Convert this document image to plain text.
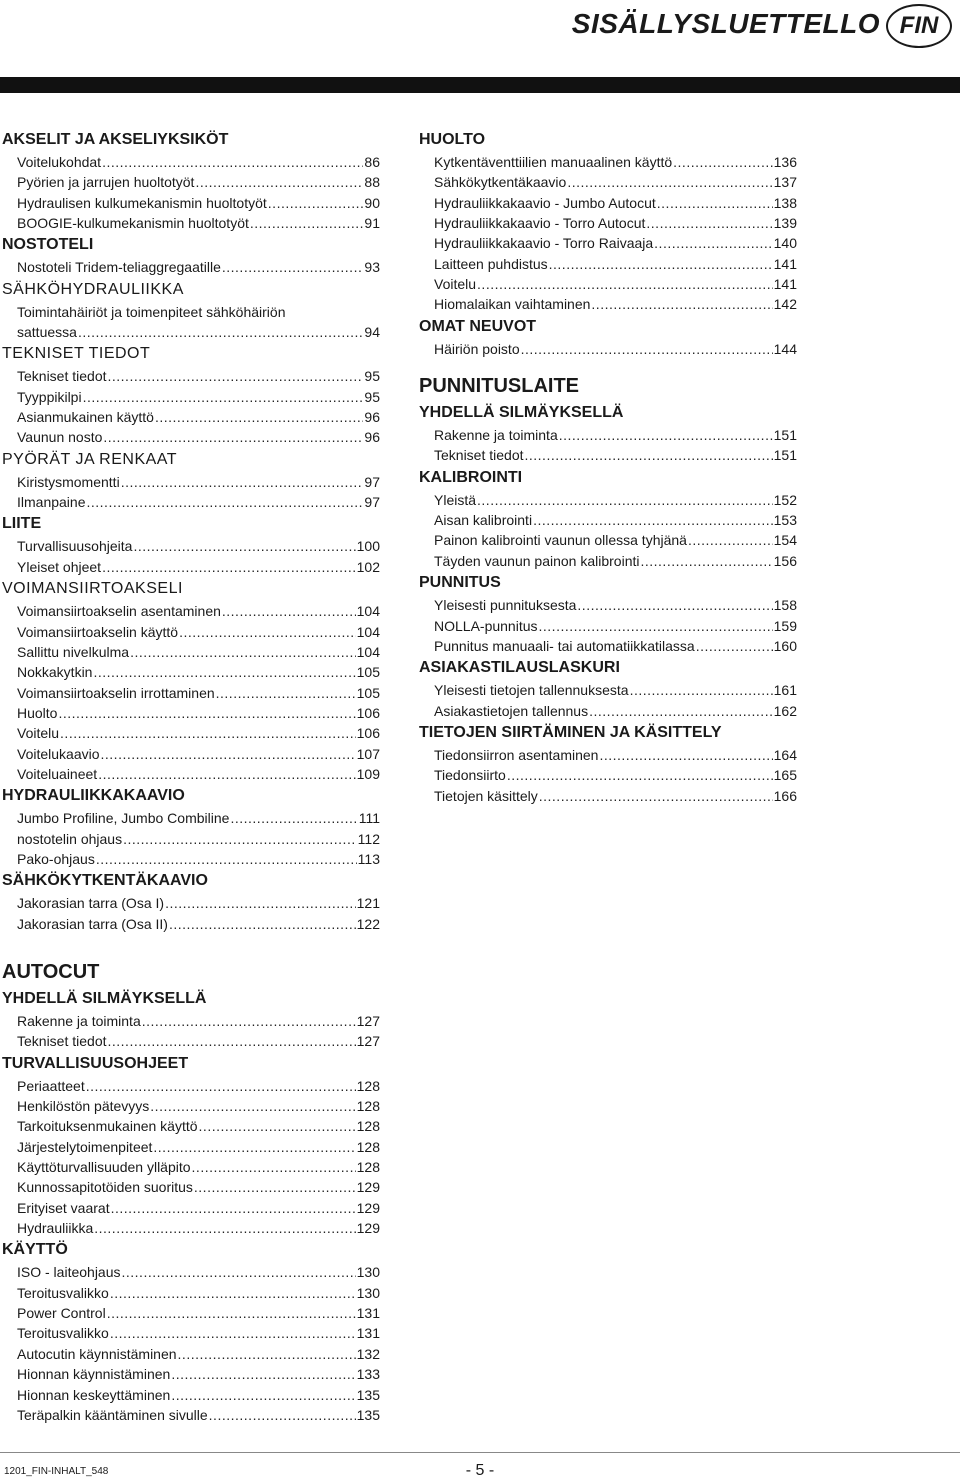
SISÄLLYSLUETTELLO FIN
AKSELIT JA AKSELIYKSIKÖT
Voitelukohdat .....	86
Pyörien ja jarrujen huoltotyöt .....	88
Hydraulisen kulkumekanismin huoltotyöt .....	90
BOOGIE-kulkumekanismin huoltotyöt .....	91
NOSTOTELI
Nostoteli Tridem-teliaggregaatille .....	93
SÄHKÖHYDRAULIIKKA
Toimintahäiriöt ja toimenpiteet sähköhäiriön
sattuessa .....	94
TEKNISET TIEDOT
Tekniset tiedot .....	95
Tyyppikilpi .....	95
Asianmukainen käyttö .....	96
Vaunun nosto .....	96
PYÖRÄT JA RENKAAT
Kiristysmomentti .....	97
Ilmanpaine .....	97
LIITE
Turvallisuusohjeita .....	100
Yleiset ohjeet .....	102
VOIMANSIIRTOAKSELI
Voimansiirtoakselin asentaminen .....	104
Voimansiirtoakselin käyttö .....	104
Sallittu nivelkulma .....	104
Nokkakytkin .....	105
Voimansiirtoakselin irrottaminen .....	105
Huolto .....	106
Voitelu .....	106
Voitelukaavio .....	107
Voiteluaineet .....	109
HYDRAULIIKKAKAAVIO
Jumbo Profiline, Jumbo Combiline .....	111
nostotelin ohjaus .....	112
Pako-ohjaus .....	113
SÄHKÖKYTKENTÄKAAVIO
Jakorasian tarra (Osa I) .....	121
Jakorasian tarra (Osa II) .....	122
AUTOCUT
YHDELLÄ SILMÄYKSELLÄ
Rakenne ja toiminta .....	127
Tekniset tiedot .....	127
TURVALLISUUSOHJEET
Periaatteet .....	128
Henkilöstön pätevyys .....	128
Tarkoituksenmukainen käyttö .....	128
Järjestelytoimenpiteet .....	128
Käyttöturvallisuuden ylläpito .....	128
Kunnossapitotöiden suoritus .....	129
Erityiset vaarat .....	129
Hydrauliikka .....	129
KÄYTTÖ
ISO - laiteohjaus .....	130
Teroitusvalikko .....	130
Power Control .....	131
Teroitusvalikko .....	131
Autocutin käynnistäminen .....	132
Hionnan käynnistäminen .....	133
Hionnan keskeyttäminen .....	135
Teräpalkin kääntäminen sivulle .....	135
HUOLTO
Kytkentäventtiilien manuaalinen käyttö .....	136
Sähkökytkentäkaavio .....	137
Hydrauliikkakaavio - Jumbo Autocut .....	138
Hydrauliikkakaavio - Torro Autocut .....	139
Hydrauliikkakaavio - Torro Raivaaja .....	140
Laitteen puhdistus .....	141
Voitelu .....	141
Hiomalaikan vaihtaminen .....	142
OMAT NEUVOT
Häiriön poisto .....	144
PUNNITUSLAITE
YHDELLÄ SILMÄYKSELLÄ
Rakenne ja toiminta .....	151
Tekniset tiedot .....	151
KALIBROINTI
Yleistä .....	152
Aisan kalibrointi .....	153
Painon kalibrointi vaunun ollessa tyhjänä .....	154
Täyden vaunun painon kalibrointi .....	156
PUNNITUS
Yleisesti punnituksesta .....	158
NOLLA-punnitus .....	159
Punnitus manuaali- tai automatiikkatilassa .....	160
ASIAKASTILAUSLASKURI
Yleisesti tietojen tallennuksesta .....	161
Asiakastietojen tallennus .....	162
TIETOJEN SIIRTÄMINEN JA KÄSITTELY
Tiedonsiirron asentaminen .....	164
Tiedonsiirto .....	165
Tietojen käsittely .....	166
1201_FIN-INHALT_548	- 5 -
